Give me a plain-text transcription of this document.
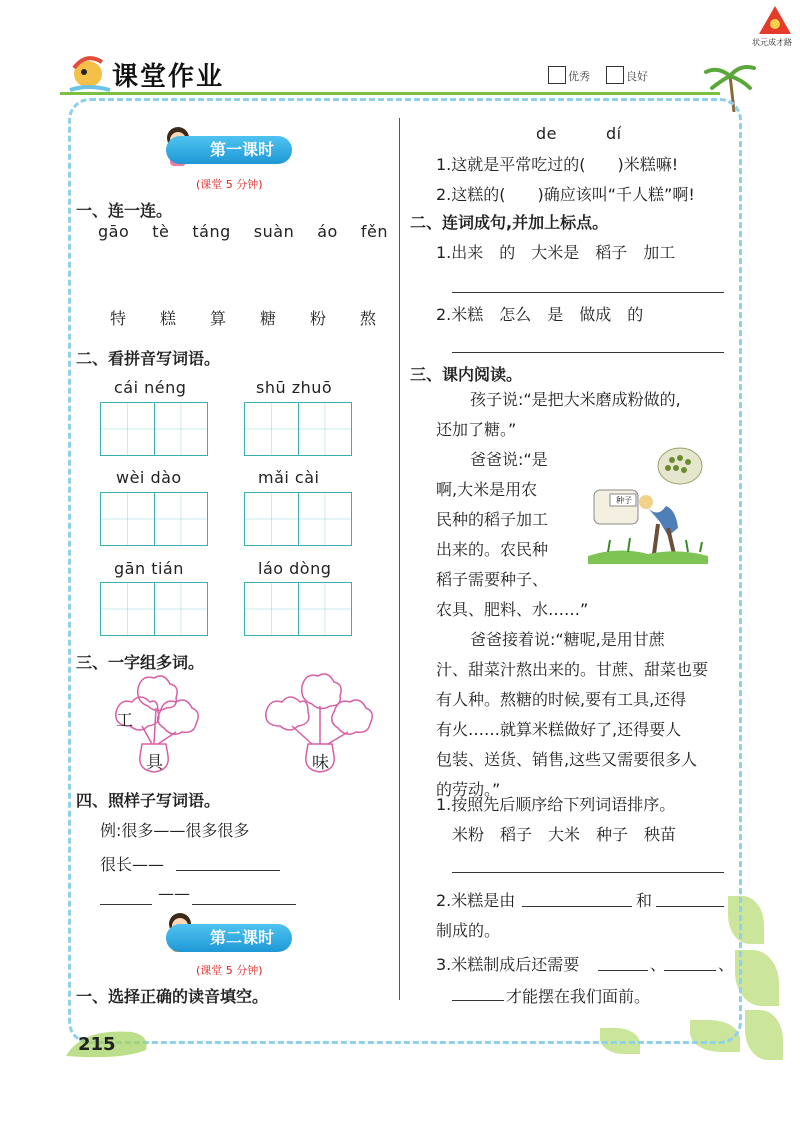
课堂作业	优秀	良好
状元成才路
第一课时
(课堂 5 分钟)
一、连一连。
gāo tè táng suàn áo fěn
特 糕 算 糖 粉 熬
二、看拼音写词语。
cái néng	shū zhuō
wèi dào	mǎi cài
gān tián	láo dòng
三、一字组多词。
工
具	味
四、照样子写词语。
例:很多——很多很多
很长——
——
第二课时
(课堂 5 分钟)
一、选择正确的读音填空。
de	dí
1.这就是平常吃过的(　　)米糕嘛!
2.这糕的(　　)确应该叫“千人糕”啊!
二、连词成句,并加上标点。
1.出来　的　大米是　稻子　加工
2.米糕　怎么　是　做成　的
三、课内阅读。
孩子说:“是把大米磨成粉做的,
还加了糖。”
爸爸说:“是
啊,大米是用农
民种的稻子加工
出来的。农民种
稻子需要种子、
农具、肥料、水……”
种子
爸爸接着说:“糖呢,是用甘蔗
汁、甜菜汁熬出来的。甘蔗、甜菜也要
有人种。熬糖的时候,要有工具,还得
有火……就算米糕做好了,还得要人
包装、送货、销售,这些又需要很多人
的劳动。”
1.按照先后顺序给下列词语排序。
米粉　稻子　大米　种子　秧苗
2.米糕是由	和
制成的。
3.米糕制成后还需要	、	、
才能摆在我们面前。
215
